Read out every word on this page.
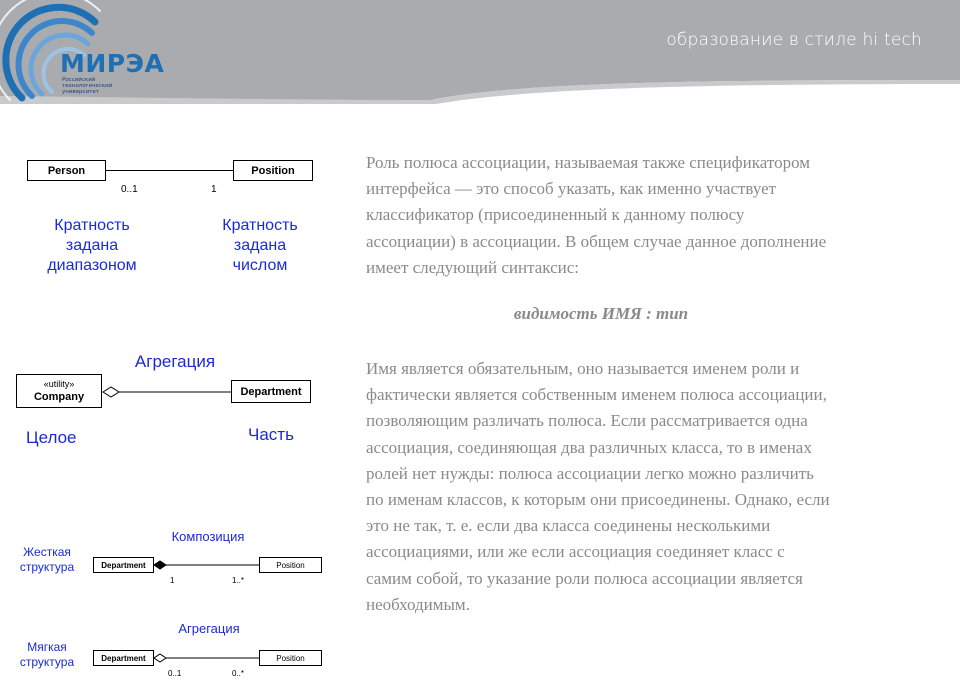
образование в стиле hi tech
МИРЭА
Российский
технологический
университет
Person	Position
0..1	1
Кратность
задана
диапазоном
Кратность
задана
числом
Агрегация
«utility»
Company	Department
Целое	Часть
Композиция
Жесткая
структура	Department	Position
1	1..*
Агрегация
Мягкая
структура	Department	Position
0..1	0..*
Роль полюса ассоциации, называемая также спецификатором
интерфейса — это способ указать, как именно участвует
классификатор (присоединенный к данному полюсу
ассоциации) в ассоциации. В общем случае данное дополнение
имеет следующий синтаксис:
видимость ИМЯ : тип
Имя является обязательным, оно называется именем роли и
фактически является собственным именем полюса ассоциации,
позволяющим различать полюса. Если рассматривается одна
ассоциация, соединяющая два различных класса, то в именах
ролей нет нужды: полюса ассоциации легко можно различить
по именам классов, к которым они присоединены. Однако, если
это не так, т. е. если два класса соединены несколькими
ассоциациями, или же если ассоциация соединяет класс с
самим собой, то указание роли полюса ассоциации является
необходимым.
